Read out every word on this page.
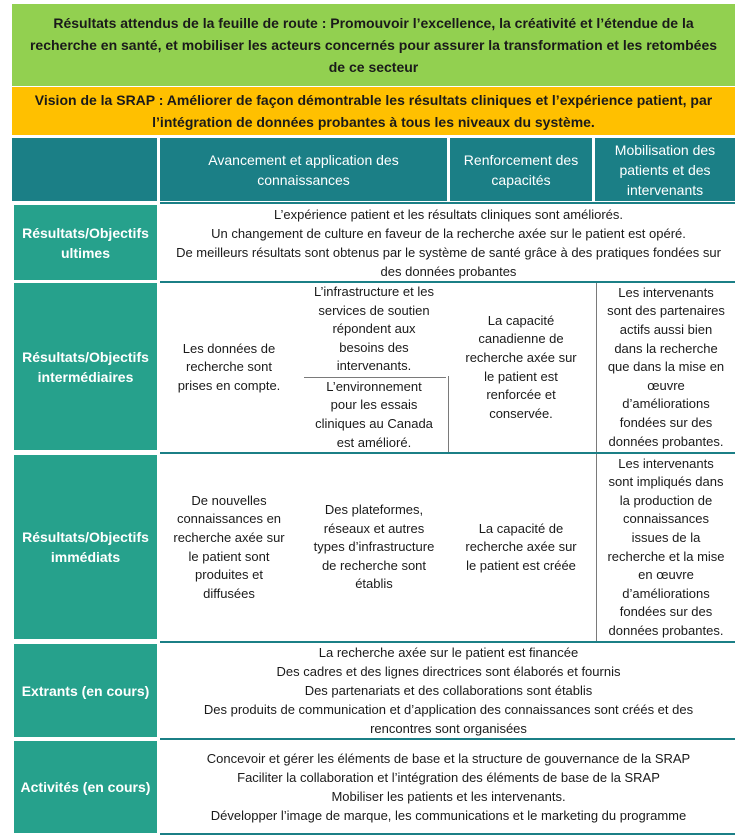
Résultats attendus de la feuille de route : Promouvoir l’excellence, la créativité et l’étendue de la recherche en santé, et mobiliser les acteurs concernés pour assurer la transformation et les retombées de ce secteur
Vision de la SRAP : Améliorer de façon démontrable les résultats cliniques et l’expérience patient, par l’intégration de données probantes à tous les niveaux du système.
Avancement et application des connaissances
Renforcement des capacités
Mobilisation des patients et des intervenants
Résultats/Objectifs ultimes
Résultats/Objectifs intermédiaires
Résultats/Objectifs immédiats
Extrants (en cours)
Activités (en cours)
L’expérience patient et les résultats cliniques sont améliorés.
Un changement de culture en faveur de la recherche axée sur le patient est opéré.
De meilleurs résultats sont obtenus par le système de santé grâce à des pratiques fondées sur des données probantes
Les données de recherche sont prises en compte.
L’infrastructure et les services de soutien répondent aux besoins des intervenants.
L’environnement pour les essais cliniques au Canada est amélioré.
La capacité canadienne de recherche axée sur le patient est renforcée et conservée.
Les intervenants sont des partenaires actifs aussi bien dans la recherche que dans la mise en œuvre d’améliorations fondées sur des données probantes.
De nouvelles connaissances en recherche axée sur le patient sont produites et diffusées
Des plateformes, réseaux et autres types d’infrastructure de recherche sont établis
La capacité de recherche axée sur le patient est créée
Les intervenants sont impliqués dans la production de connaissances issues de la recherche et la mise en œuvre d’améliorations fondées sur des données probantes.
La recherche axée sur le patient est financée
Des cadres et des lignes directrices sont élaborés et fournis
Des partenariats et des collaborations sont établis
Des produits de communication et d’application des connaissances sont créés et des rencontres sont organisées
Concevoir et gérer les éléments de base et la structure de gouvernance de la SRAP
Faciliter la collaboration et l’intégration des éléments de base de la SRAP
Mobiliser les patients et les intervenants.
Développer l’image de marque, les communications et le marketing du programme
